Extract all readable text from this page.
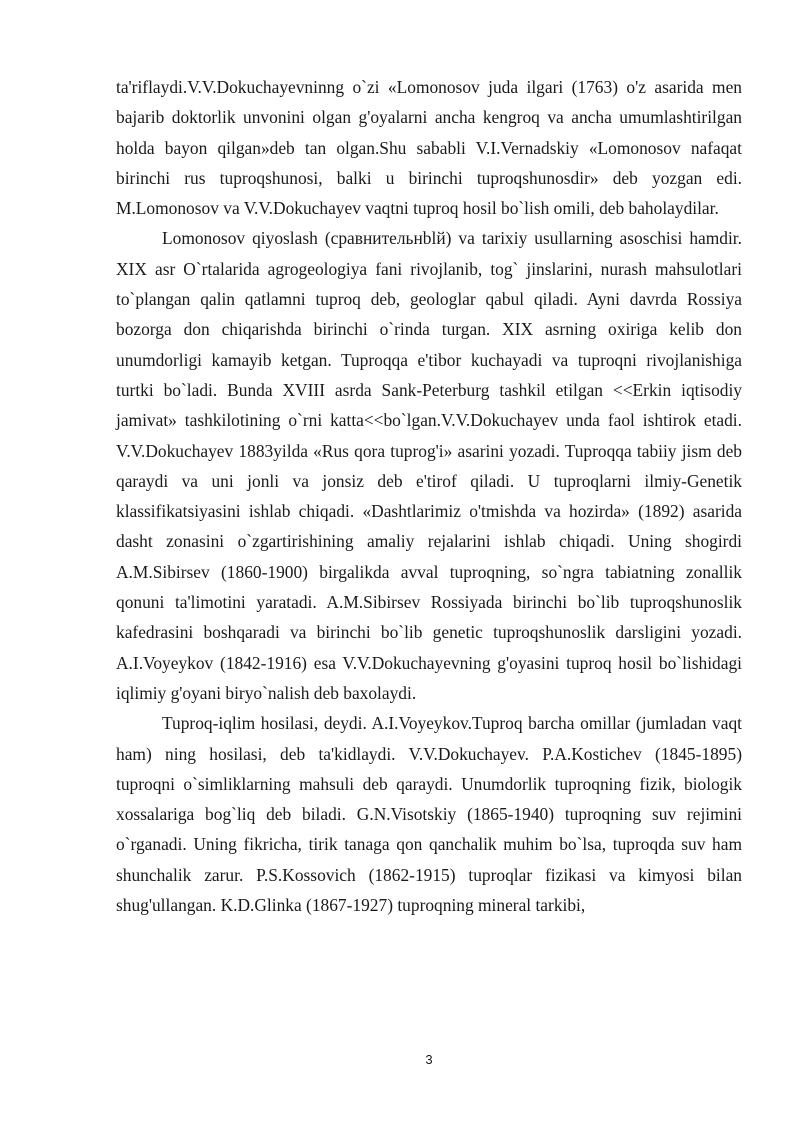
ta'riflaydi.V.V.Dokuchayevninng o`zi «Lomonosov juda ilgari (1763) o'z asarida men bajarib doktorlik unvonini olgan g'oyalarni ancha kengroq va ancha umumlashtirilgan holda bayon qilgan»deb tan olgan.Shu sababli V.I.Vernadskiy «Lomonosov nafaqat birinchi rus tuproqshunosi, balki u birinchi tuproqshunosdir» deb yozgan edi. M.Lomonosov va V.V.Dokuchayev vaqtni tuproq hosil bo`lish omili, deb baholaydilar.

Lomonosov qiyoslash (сравнительнblй) va tarixiy usullarning asoschisi hamdir. XIX asr O`rtalarida agrogeologiya fani rivojlanib, tog` jinslarini, nurash mahsulotlari to`plangan qalin qatlamni tuproq deb, geologlar qabul qiladi. Ayni davrda Rossiya bozorga don chiqarishda birinchi o`rinda turgan. XIX asrning oxiriga kelib don unumdorligi kamayib ketgan. Tuproqqa e'tibor kuchayadi va tuproqni rivojlanishiga turtki bo`ladi. Bunda XVIII asrda Sank-Peterburg tashkil etilgan <<Erkin iqtisodiy jamivat» tashkilotining o`rni katta<<bo`lgan.V.V.Dokuchayev unda faol ishtirok etadi. V.V.Dokuchayev 1883yilda «Rus qora tuprog'i» asarini yozadi. Tuproqqa tabiiy jism deb qaraydi va uni jonli va jonsiz deb e'tirof qiladi. U tuproqlarni ilmiy-Genetik klassifikatsiyasini ishlab chiqadi. «Dashtlarimiz o'tmishda va hozirda» (1892) asarida dasht zonasini o`zgartirishining amaliy rejalarini ishlab chiqadi. Uning shogirdi A.M.Sibirsev (1860-1900) birgalikda avval tuproqning, so`ngra tabiatning zonallik qonuni ta'limotini yaratadi. A.M.Sibirsev Rossiyada birinchi bo`lib tuproqshunoslik kafedrasini boshqaradi va birinchi bo`lib genetic tuproqshunoslik darsligini yozadi. A.I.Voyeykov (1842-1916) esa V.V.Dokuchayevning g'oyasini tuproq hosil bo`lishidagi iqlimiy g'oyani biryo`nalish deb baxolaydi.

Tuproq-iqlim hosilasi, deydi. A.I.Voyeykov.Tuproq barcha omillar (jumladan vaqt ham) ning hosilasi, deb ta'kidlaydi. V.V.Dokuchayev. P.A.Kostichev (1845-1895) tuproqni o`simliklarning mahsuli deb qaraydi. Unumdorlik tuproqning fizik, biologik xossalariga bog`liq deb biladi. G.N.Visotskiy (1865-1940) tuproqning suv rejimini o`rganadi. Uning fikricha, tirik tanaga qon qanchalik muhim bo`lsa, tuproqda suv ham shunchalik zarur. P.S.Kossovich (1862-1915) tuproqlar fizikasi va kimyosi bilan shug'ullangan. K.D.Glinka (1867-1927) tuproqning mineral tarkibi,

3
